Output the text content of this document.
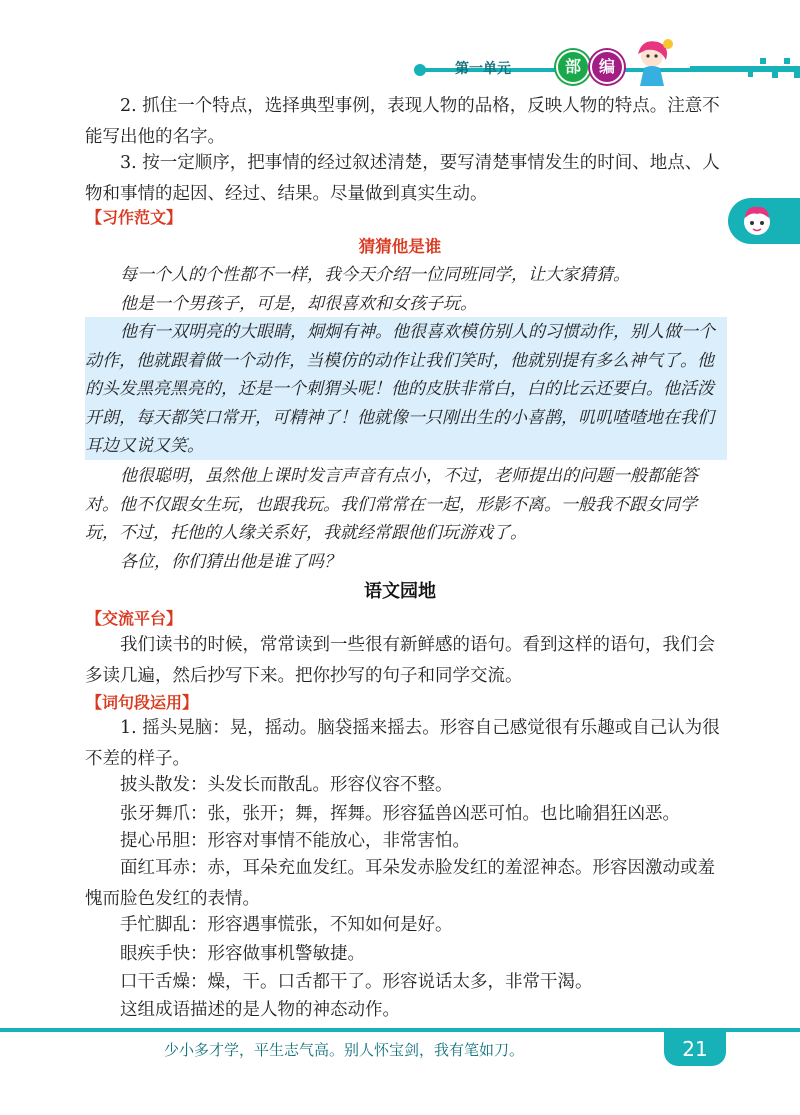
第一单元	部	编

2. 抓住一个特点，选择典型事例，表现人物的品格，反映人物的特点。注意不能写出他的名字。

3. 按一定顺序，把事情的经过叙述清楚，要写清楚事情发生的时间、地点、人物和事情的起因、经过、结果。尽量做到真实生动。

【习作范文】
猜猜他是谁

每一个人的个性都不一样，我今天介绍一位同班同学，让大家猜猜。

他是一个男孩子，可是，却很喜欢和女孩子玩。

他有一双明亮的大眼睛，炯炯有神。他很喜欢模仿别人的习惯动作，别人做一个动作，他就跟着做一个动作，当模仿的动作让我们笑时，他就别提有多么神气了。他的头发黑亮黑亮的，还是一个刺猬头呢！他的皮肤非常白，白的比云还要白。他活泼开朗，每天都笑口常开，可精神了！他就像一只刚出生的小喜鹊，叽叽喳喳地在我们耳边又说又笑。

他很聪明，虽然他上课时发言声音有点小，不过，老师提出的问题一般都能答对。他不仅跟女生玩，也跟我玩。我们常常在一起，形影不离。一般我不跟女同学玩，不过，托他的人缘关系好，我就经常跟他们玩游戏了。

各位，你们猜出他是谁了吗？

语文园地
【交流平台】

我们读书的时候，常常读到一些很有新鲜感的语句。看到这样的语句，我们会多读几遍，然后抄写下来。把你抄写的句子和同学交流。

【词句段运用】

1. 摇头晃脑：晃，摇动。脑袋摇来摇去。形容自己感觉很有乐趣或自己认为很不差的样子。

披头散发：头发长而散乱。形容仪容不整。

张牙舞爪：张，张开；舞，挥舞。形容猛兽凶恶可怕。也比喻猖狂凶恶。

提心吊胆：形容对事情不能放心，非常害怕。

面红耳赤：赤，耳朵充血发红。耳朵发赤脸发红的羞涩神态。形容因激动或羞愧而脸色发红的表情。

手忙脚乱：形容遇事慌张，不知如何是好。

眼疾手快：形容做事机警敏捷。

口干舌燥：燥，干。口舌都干了。形容说话太多，非常干渴。

这组成语描述的是人物的神态动作。

少小多才学，平生志气高。别人怀宝剑，我有笔如刀。	21
